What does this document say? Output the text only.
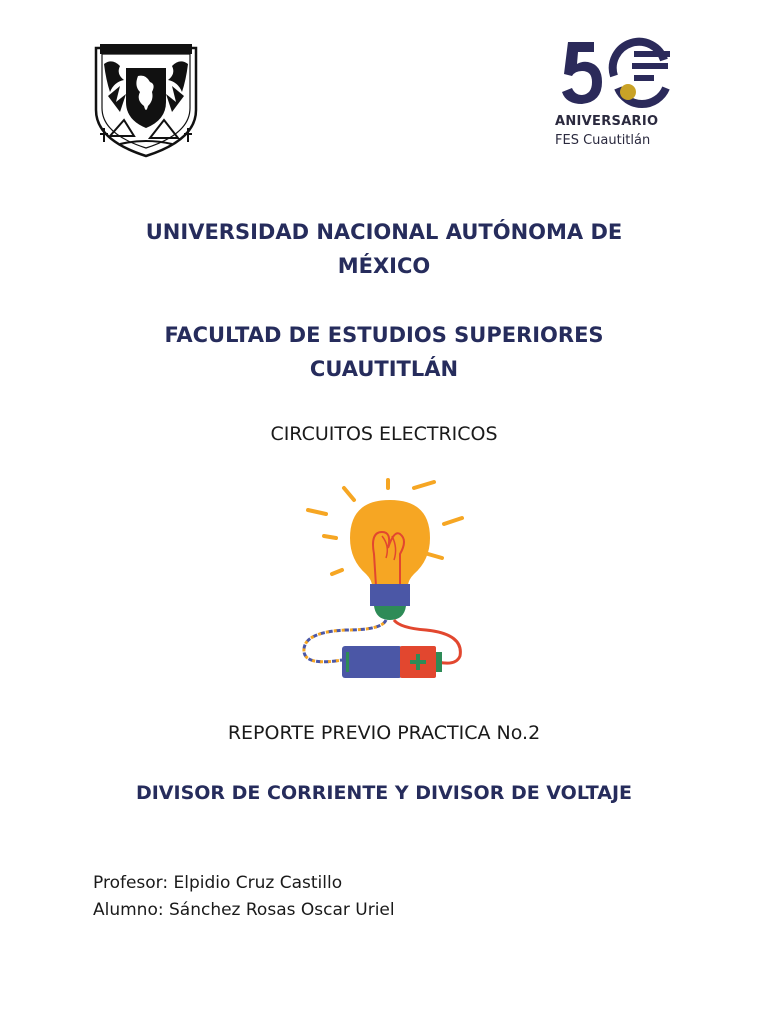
ANIVERSARIO
FES Cuautitlán
UNIVERSIDAD NACIONAL AUTÓNOMA DE
MÉXICO
FACULTAD DE ESTUDIOS SUPERIORES
CUAUTITLÁN
CIRCUITOS ELECTRICOS
REPORTE PREVIO PRACTICA No.2
DIVISOR DE CORRIENTE Y DIVISOR DE VOLTAJE
Profesor: Elpidio Cruz Castillo
Alumno: Sánchez Rosas Oscar Uriel
